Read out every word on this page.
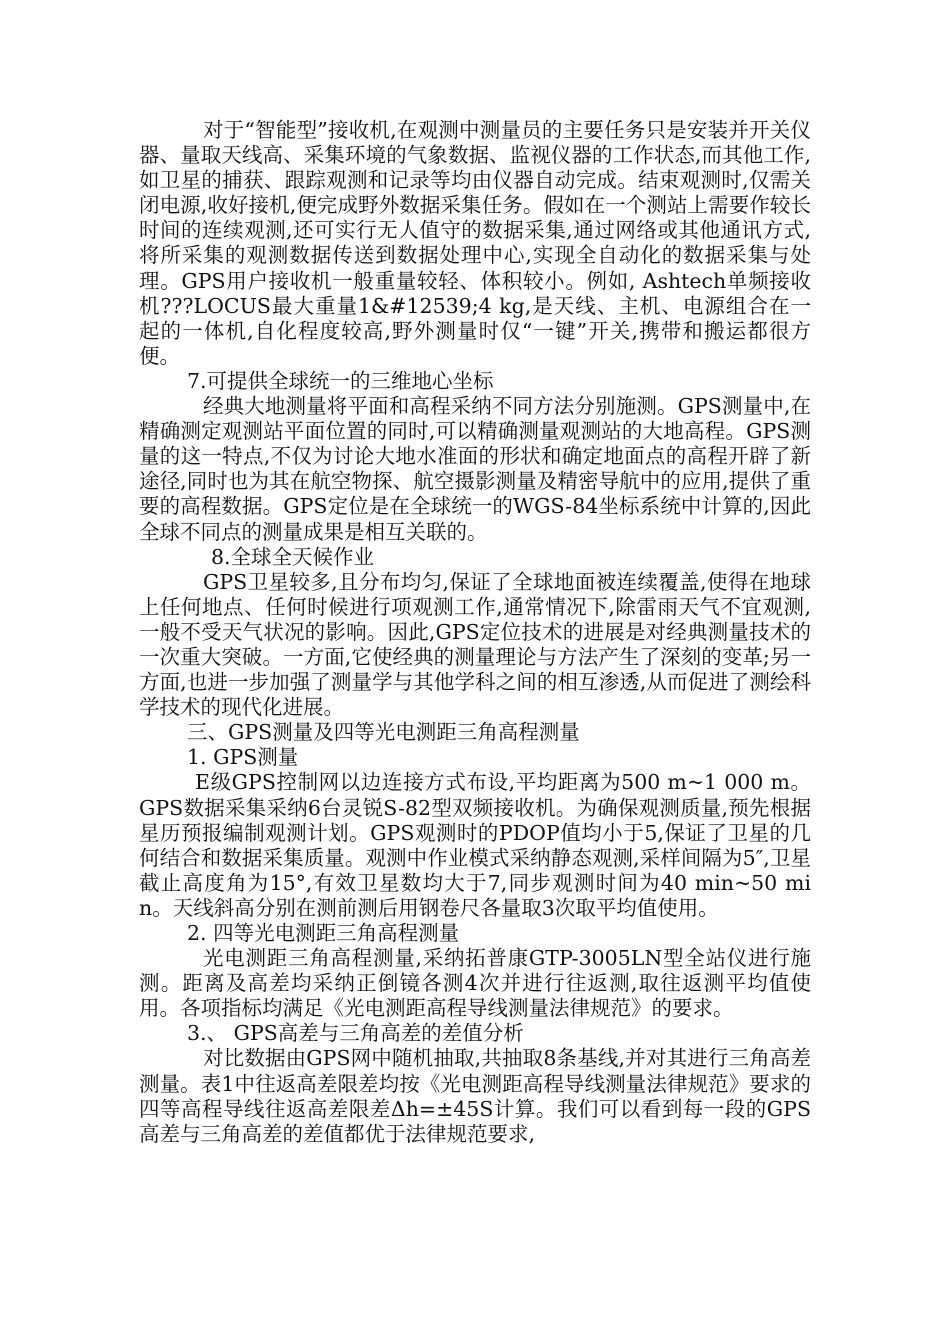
对于“智能型”接收机,在观测中测量员的主要任务只是安装并开关仪器、量取天线高、采集环境的气象数据、监视仪器的工作状态,而其他工作,如卫星的捕获、跟踪观测和记录等均由仪器自动完成。结束观测时,仅需关闭电源,收好接机,便完成野外数据采集任务。假如在一个测站上需要作较长时间的连续观测,还可实行无人值守的数据采集,通过网络或其他通讯方式,将所采集的观测数据传送到数据处理中心,实现全自动化的数据采集与处理。GPS用户接收机一般重量较轻、体积较小。例如, Ashtech单频接收机???LOCUS最大重量1&#12539;4 kg,是天线、主机、电源组合在一起的一体机,自化程度较高,野外测量时仅“一键”开关,携带和搬运都很方便。

7.可提供全球统一的三维地心坐标

经典大地测量将平面和高程采纳不同方法分别施测。GPS测量中,在精确测定观测站平面位置的同时,可以精确测量观测站的大地高程。GPS测量的这一特点,不仅为讨论大地水准面的形状和确定地面点的高程开辟了新途径,同时也为其在航空物探、航空摄影测量及精密导航中的应用,提供了重要的高程数据。GPS定位是在全球统一的WGS-84坐标系统中计算的,因此全球不同点的测量成果是相互关联的。

8.全球全天候作业

GPS卫星较多,且分布均匀,保证了全球地面被连续覆盖,使得在地球上任何地点、任何时候进行项观测工作,通常情况下,除雷雨天气不宜观测,一般不受天气状况的影响。因此,GPS定位技术的进展是对经典测量技术的一次重大突破。一方面,它使经典的测量理论与方法产生了深刻的变革;另一方面,也进一步加强了测量学与其他学科之间的相互渗透,从而促进了测绘科学技术的现代化进展。

三、GPS测量及四等光电测距三角高程测量

1. GPS测量

E级GPS控制网以边连接方式布设,平均距离为500 m~1 000 m。GPS数据采集采纳6台灵锐S-82型双频接收机。为确保观测质量,预先根据星历预报编制观测计划。GPS观测时的PDOP值均小于5,保证了卫星的几何结合和数据采集质量。观测中作业模式采纳静态观测,采样间隔为5″,卫星截止高度角为15°,有效卫星数均大于7,同步观测时间为40 min~50 min。天线斜高分别在测前测后用钢卷尺各量取3次取平均值使用。

2. 四等光电测距三角高程测量

光电测距三角高程测量,采纳拓普康GTP-3005LN型全站仪进行施测。距离及高差均采纳正倒镜各测4次并进行往返测,取往返测平均值使用。各项指标均满足《光电测距高程导线测量法律规范》的要求。

3.、 GPS高差与三角高差的差值分析

对比数据由GPS网中随机抽取,共抽取8条基线,并对其进行三角高差测量。表1中往返高差限差均按《光电测距高程导线测量法律规范》要求的四等高程导线往返高差限差Δh=±45S计算。我们可以看到每一段的GPS高差与三角高差的差值都优于法律规范要求,
